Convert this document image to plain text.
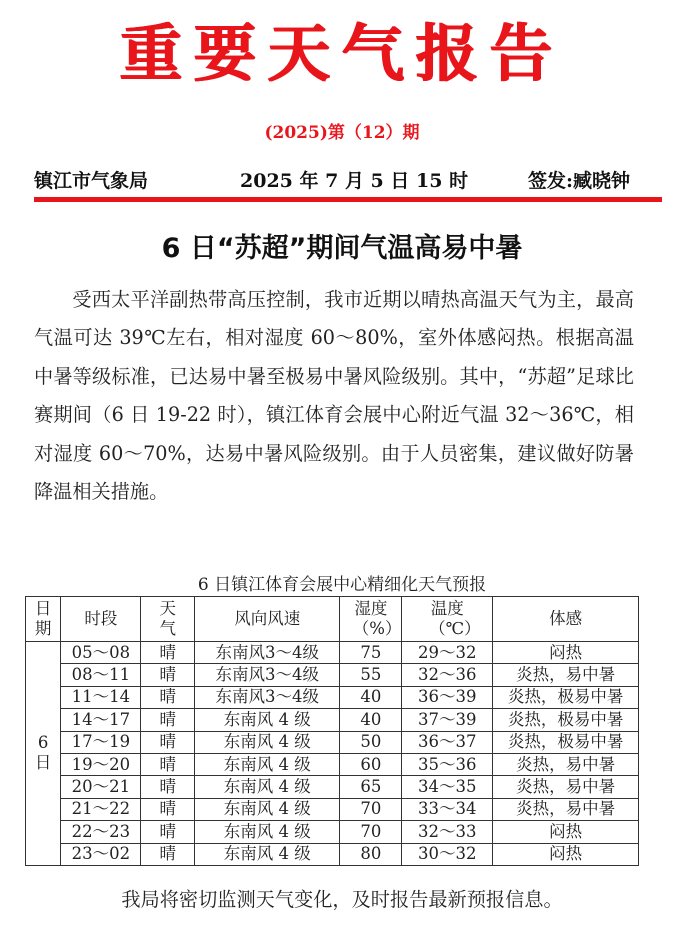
重要天气报告
(2025)第（12）期
镇江市气象局	2025 年 7 月 5 日 15 时	签发:臧晓钟
6 日“苏超”期间气温高易中暑
受西太平洋副热带高压控制，我市近期以晴热高温天气为主，最高气温可达 39℃左右，相对湿度 60～80%，室外体感闷热。根据高温中暑等级标准，已达易中暑至极易中暑风险级别。其中，“苏超”足球比赛期间（6 日 19-22 时），镇江体育会展中心附近气温 32～36℃，相对湿度 60～70%，达易中暑风险级别。由于人员密集，建议做好防暑降温相关措施。
6 日镇江体育会展中心精细化天气预报
日期	时段	天气	风向风速	湿度（%）	温度（℃）	体感
6日	05～08	晴	东南风3～4级	75	29～32	闷热
	08～11	晴	东南风3～4级	55	32～36	炎热，易中暑
	11～14	晴	东南风3～4级	40	36～39	炎热，极易中暑
	14～17	晴	东南风 4 级	40	37～39	炎热，极易中暑
	17～19	晴	东南风 4 级	50	36～37	炎热，极易中暑
	19～20	晴	东南风 4 级	60	35～36	炎热，易中暑
	20～21	晴	东南风 4 级	65	34～35	炎热，易中暑
	21～22	晴	东南风 4 级	70	33～34	炎热，易中暑
	22～23	晴	东南风 4 级	70	32～33	闷热
	23～02	晴	东南风 4 级	80	30～32	闷热
我局将密切监测天气变化，及时报告最新预报信息。
